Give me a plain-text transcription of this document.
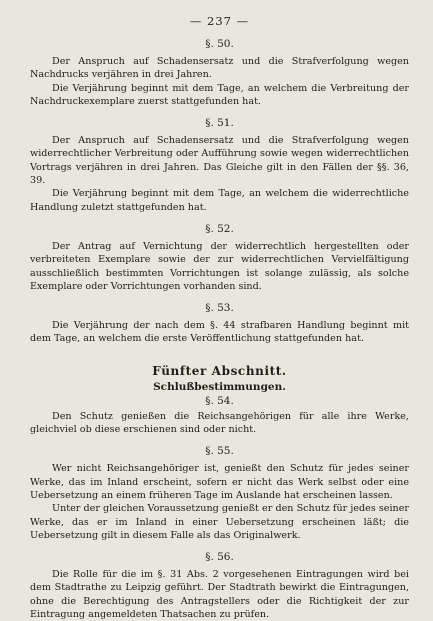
— 237 —
§. 50.

Der Anspruch auf Schadensersatz und die Strafverfolgung wegen Nachdrucks verjähren in drei Jahren.

Die Verjährung beginnt mit dem Tage, an welchem die Verbreitung der Nachdruckexemplare zuerst stattgefunden hat.

§. 51.

Der Anspruch auf Schadensersatz und die Strafverfolgung wegen widerrechtlicher Verbreitung oder Aufführung sowie wegen widerrechtlichen Vortrags verjähren in drei Jahren. Das Gleiche gilt in den Fällen der §§. 36, 39.

Die Verjährung beginnt mit dem Tage, an welchem die widerrechtliche Handlung zuletzt stattgefunden hat.

§. 52.

Der Antrag auf Vernichtung der widerrechtlich hergestellten oder verbreiteten Exemplare sowie der zur widerrechtlichen Vervielfältigung ausschließlich bestimmten Vorrichtungen ist solange zulässig, als solche Exemplare oder Vorrichtungen vorhanden sind.

§. 53.

Die Verjährung der nach dem §. 44 strafbaren Handlung beginnt mit dem Tage, an welchem die erste Veröffentlichung stattgefunden hat.

Fünfter Abschnitt.
Schlußbestimmungen.
§. 54.

Den Schutz genießen die Reichsangehörigen für alle ihre Werke, gleichviel ob diese erschienen sind oder nicht.

§. 55.

Wer nicht Reichsangehöriger ist, genießt den Schutz für jedes seiner Werke, das im Inland erscheint, sofern er nicht das Werk selbst oder eine Uebersetzung an einem früheren Tage im Auslande hat erscheinen lassen.

Unter der gleichen Voraussetzung genießt er den Schutz für jedes seiner Werke, das er im Inland in einer Uebersetzung erscheinen läßt; die Uebersetzung gilt in diesem Falle als das Originalwerk.

§. 56.

Die Rolle für die im §. 31 Abs. 2 vorgesehenen Eintragungen wird bei dem Stadtrathe zu Leipzig geführt. Der Stadtrath bewirkt die Eintragungen, ohne die Berechtigung des Antragstellers oder die Richtigkeit der zur Eintragung angemeldeten Thatsachen zu prüfen.
